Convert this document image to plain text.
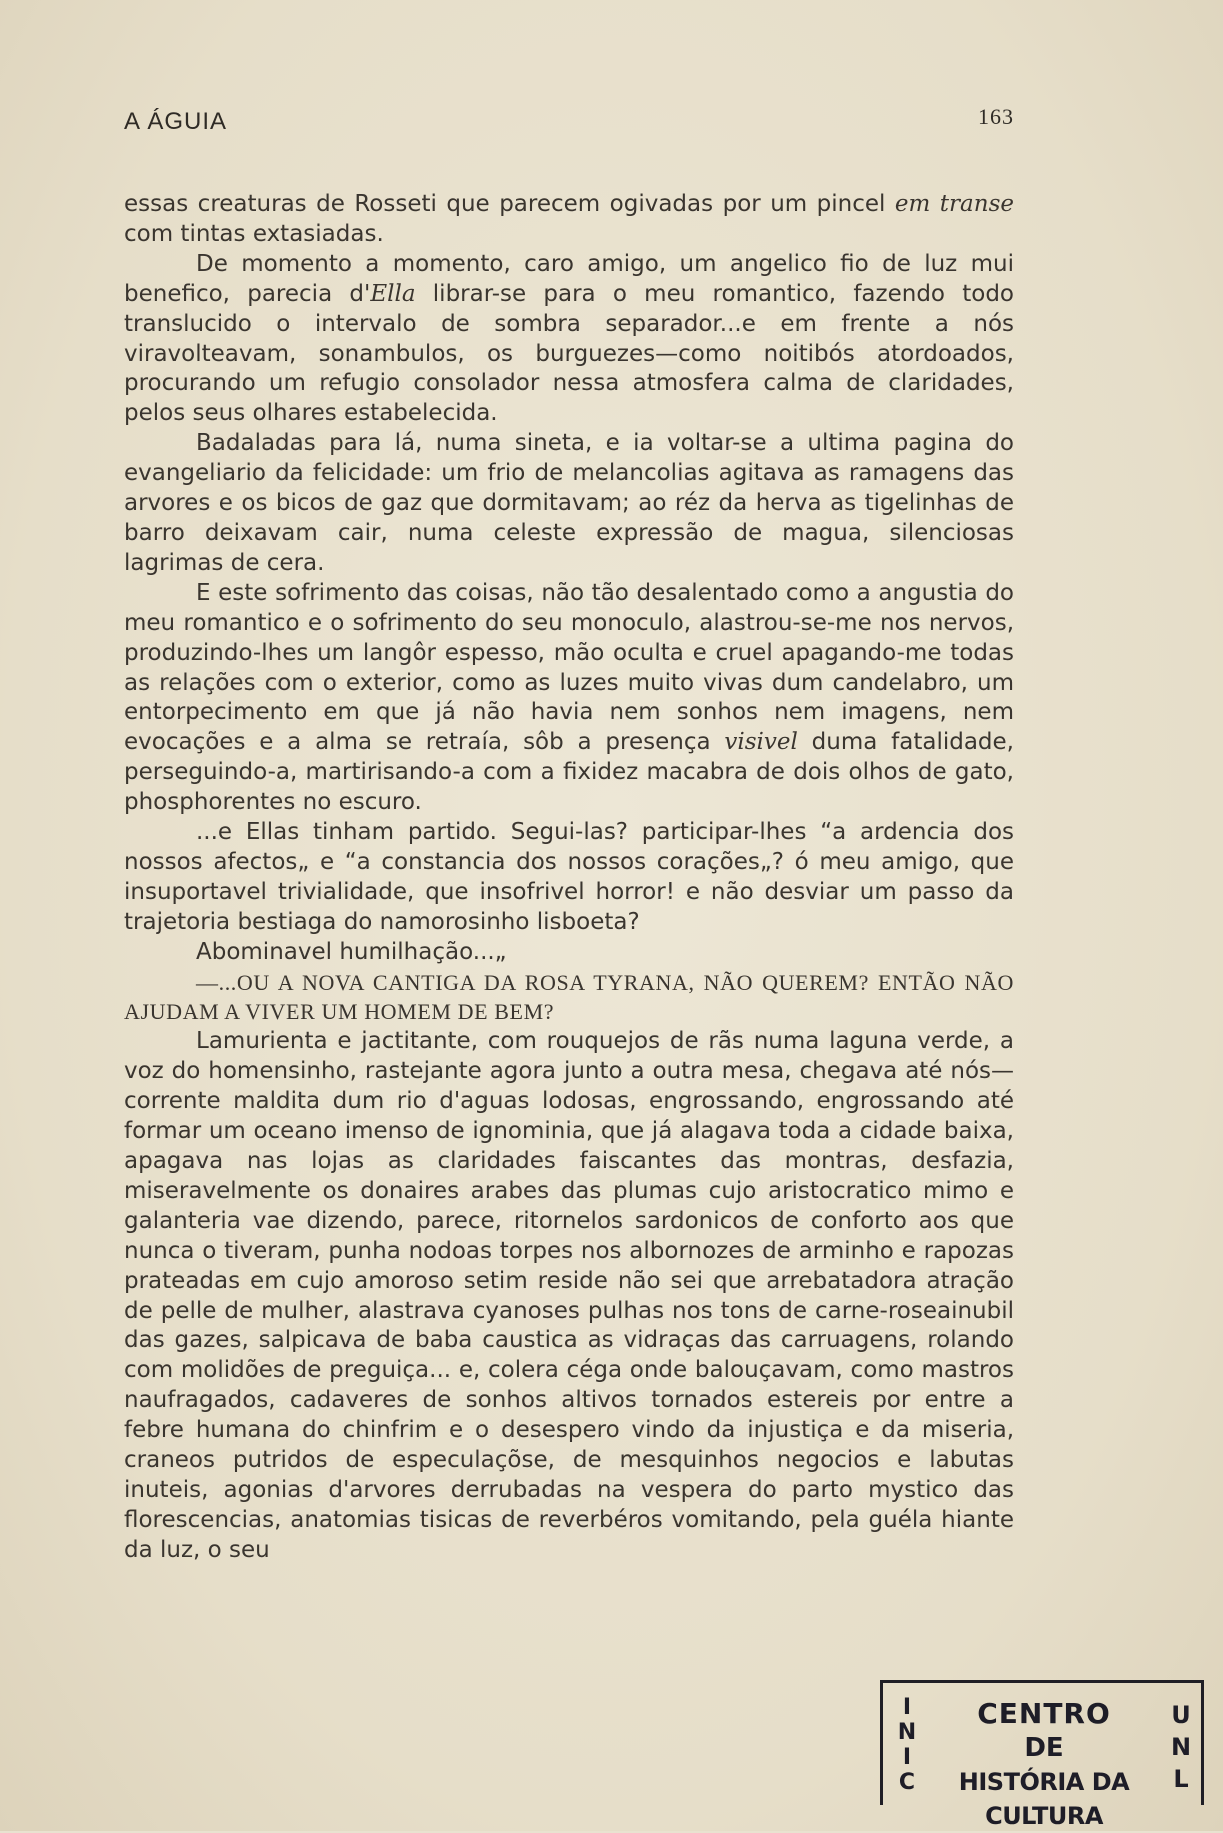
A ÁGUIA	163

essas creaturas de Rosseti que parecem ogivadas por um pincel em transe com tintas extasiadas.

De momento a momento, caro amigo, um angelico fio de luz mui benefico, parecia d'Ella librar-se para o meu romantico, fazendo todo translucido o intervalo de sombra separador...e em frente a nós viravolteavam, sonambulos, os burguezes—como noitibós atordoados, procurando um refugio consolador nessa atmosfera calma de claridades, pelos seus olhares estabelecida.

Badaladas para lá, numa sineta, e ia voltar-se a ultima pagina do evangeliario da felicidade: um frio de melancolias agitava as ramagens das arvores e os bicos de gaz que dormitavam; ao réz da herva as tigelinhas de barro deixavam cair, numa celeste expressão de magua, silenciosas lagrimas de cera.

E este sofrimento das coisas, não tão desalentado como a angustia do meu romantico e o sofrimento do seu monoculo, alastrou-se-me nos nervos, produzindo-lhes um langôr espesso, mão oculta e cruel apagando-me todas as relações com o exterior, como as luzes muito vivas dum candelabro, um entorpecimento em que já não havia nem sonhos nem imagens, nem evocações e a alma se retraía, sôb a presença visivel duma fatalidade, perseguindo-a, martirisando-a com a fixidez macabra de dois olhos de gato, phosphorentes no escuro.

...e Ellas tinham partido. Segui-las? participar-lhes “a ardencia dos nossos afectos„ e “a constancia dos nossos corações„? ó meu amigo, que insuportavel trivialidade, que insofrivel horror! e não desviar um passo da trajetoria bestiaga do namorosinho lisboeta?

Abominavel humilhação...„

—...OU A NOVA CANTIGA DA ROSA TYRANA, NÃO QUEREM? ENTÃO NÃO AJUDAM A VIVER UM HOMEM DE BEM?

Lamurienta e jactitante, com rouquejos de rãs numa laguna verde, a voz do homensinho, rastejante agora junto a outra mesa, chegava até nós—corrente maldita dum rio d'aguas lodosas, engrossando, engrossando até formar um oceano imenso de ignominia, que já alagava toda a cidade baixa, apagava nas lojas as claridades faiscantes das montras, desfazia, miseravelmente os donaires arabes das plumas cujo aristocratico mimo e galanteria vae dizendo, parece, ritornelos sardonicos de conforto aos que nunca o tiveram, punha nodoas torpes nos albornozes de arminho e rapozas prateadas em cujo amoroso setim reside não sei que arrebatadora atração de pelle de mulher, alastrava cyanoses pulhas nos tons de carne-roseainubil das gazes, salpicava de baba caustica as vidraças das carruagens, rolando com molidões de preguiça... e, colera céga onde balouçavam, como mastros naufragados, cadaveres de sonhos altivos tornados estereis por entre a febre humana do chinfrim e o desespero vindo da injustiça e da miseria, craneos putridos de especulaçõse, de mesquinhos negocios e labutas inuteis, agonias d'arvores derrubadas na vespera do parto mystico das florescencias, anatomias tisicas de reverbéros vomitando, pela guéla hiante da luz, o seu

I
N
I
C
CENTRO
DE
HISTÓRIA DA CULTURA
U
N
L
